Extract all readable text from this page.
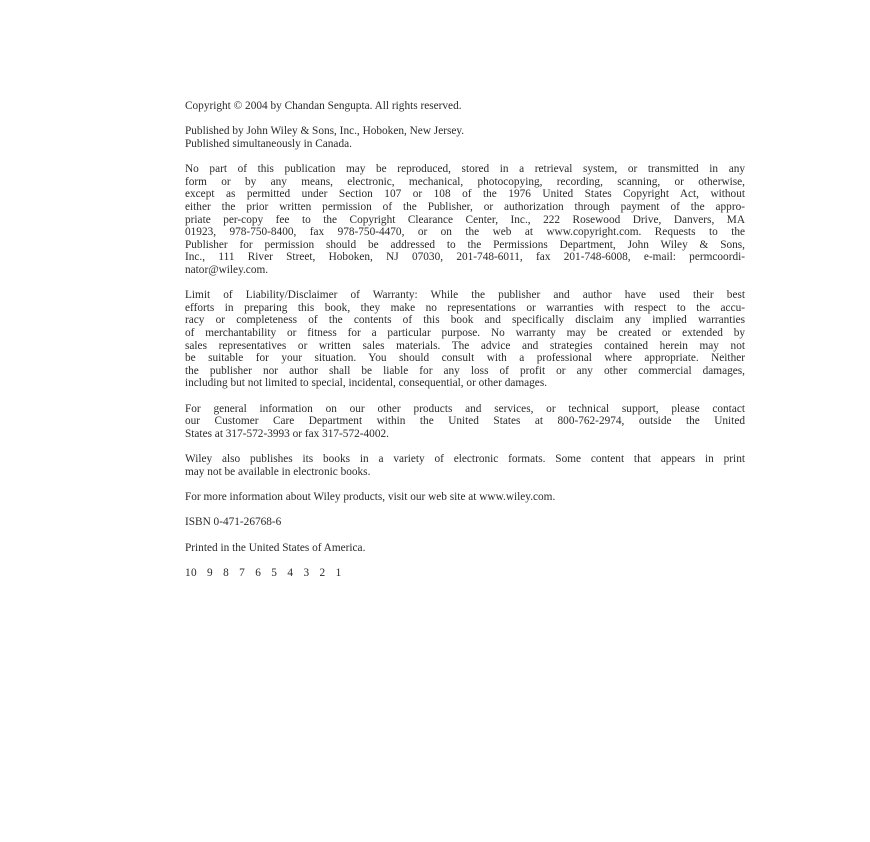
Copyright © 2004 by Chandan Sengupta. All rights reserved.

Published by John Wiley & Sons, Inc., Hoboken, New Jersey.
Published simultaneously in Canada.

No part of this publication may be reproduced, stored in a retrieval system, or transmitted in any
form or by any means, electronic, mechanical, photocopying, recording, scanning, or otherwise,
except as permitted under Section 107 or 108 of the 1976 United States Copyright Act, without
either the prior written permission of the Publisher, or authorization through payment of the appro-
priate per-copy fee to the Copyright Clearance Center, Inc., 222 Rosewood Drive, Danvers, MA
01923, 978-750-8400, fax 978-750-4470, or on the web at www.copyright.com. Requests to the
Publisher for permission should be addressed to the Permissions Department, John Wiley & Sons,
Inc., 111 River Street, Hoboken, NJ 07030, 201-748-6011, fax 201-748-6008, e-mail: permcoordi-
nator@wiley.com.

Limit of Liability/Disclaimer of Warranty: While the publisher and author have used their best
efforts in preparing this book, they make no representations or warranties with respect to the accu-
racy or completeness of the contents of this book and specifically disclaim any implied warranties
of merchantability or fitness for a particular purpose. No warranty may be created or extended by
sales representatives or written sales materials. The advice and strategies contained herein may not
be suitable for your situation. You should consult with a professional where appropriate. Neither
the publisher nor author shall be liable for any loss of profit or any other commercial damages,
including but not limited to special, incidental, consequential, or other damages.

For general information on our other products and services, or technical support, please contact
our Customer Care Department within the United States at 800-762-2974, outside the United
States at 317-572-3993 or fax 317-572-4002.

Wiley also publishes its books in a variety of electronic formats. Some content that appears in print
may not be available in electronic books.

For more information about Wiley products, visit our web site at www.wiley.com.

ISBN 0-471-26768-6

Printed in the United States of America.

10 9 8 7 6 5 4 3 2 1
